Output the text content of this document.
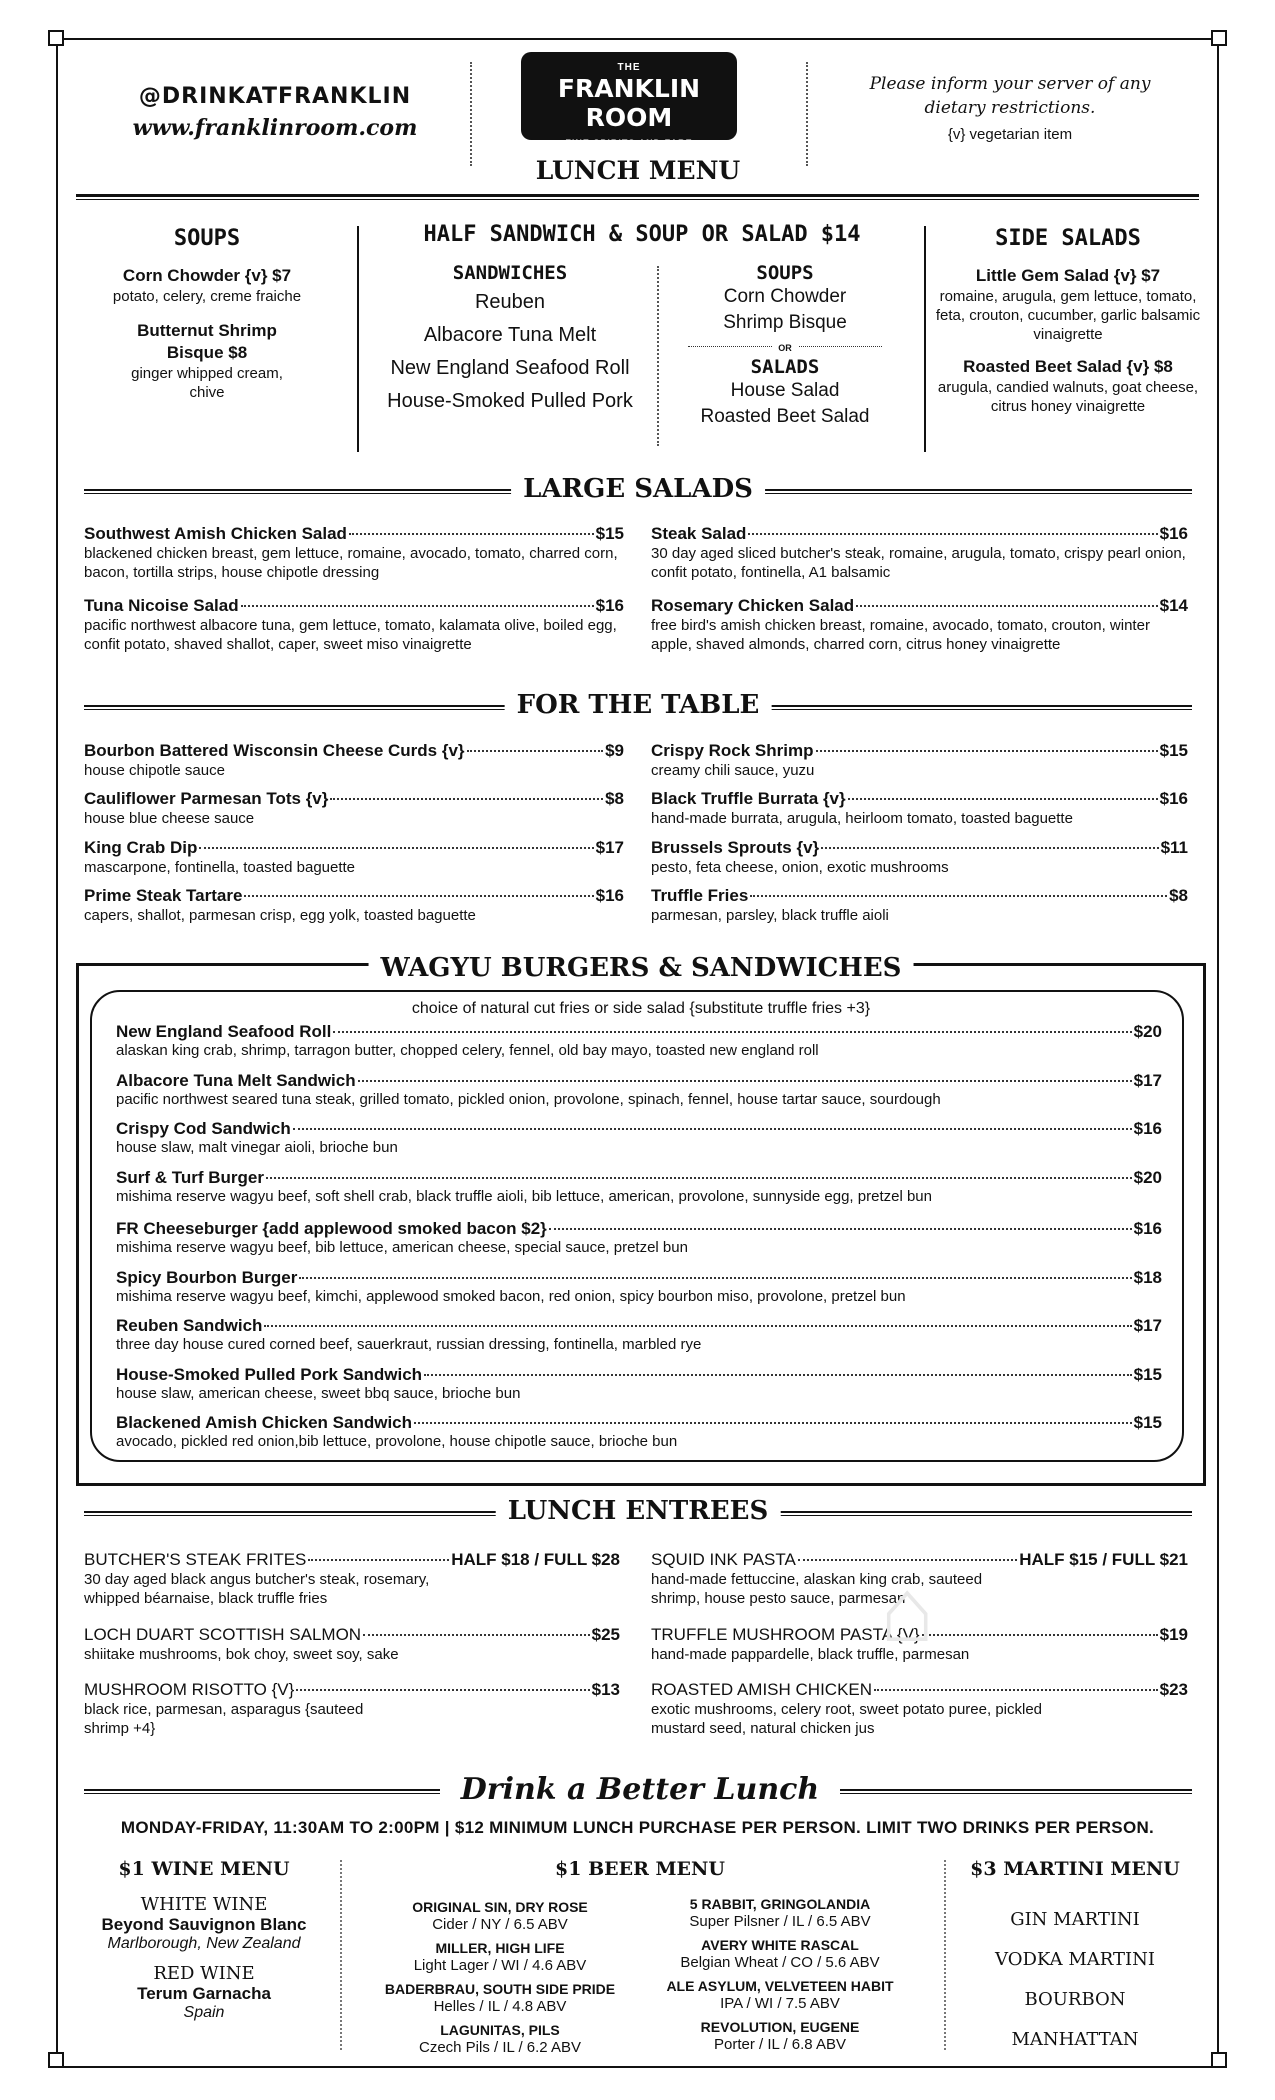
@DRINKATFRANKLIN
www.franklinroom.com
THE
FRANKLIN ROOM
– FINE SPIRITS AND FARE –
LUNCH MENU
Please inform your server of any dietary restrictions.
{v} vegetarian item
SOUPS
Corn Chowder {v} $7
potato, celery, creme fraiche
Butternut Shrimp Bisque $8
ginger whipped cream, chive
HALF SANDWICH & SOUP OR SALAD $14
SANDWICHES
Reuben
Albacore Tuna Melt
New England Seafood Roll
House-Smoked Pulled Pork
SOUPS
Corn Chowder
Shrimp Bisque
OR
SALADS
House Salad
Roasted Beet Salad
SIDE SALADS
Little Gem Salad {v} $7
romaine, arugula, gem lettuce, tomato, feta, crouton, cucumber, garlic balsamic vinaigrette
Roasted Beet Salad {v} $8
arugula, candied walnuts, goat cheese, citrus honey vinaigrette
LARGE SALADS
Southwest Amish Chicken Salad	$15
blackened chicken breast, gem lettuce, romaine, avocado, tomato, charred corn, bacon, tortilla strips, house chipotle dressing
Steak Salad	$16
30 day aged sliced butcher's steak, romaine, arugula, tomato, crispy pearl onion, confit potato, fontinella, A1 balsamic
Tuna Nicoise Salad	$16
pacific northwest albacore tuna, gem lettuce, tomato, kalamata olive, boiled egg, confit potato, shaved shallot, caper, sweet miso vinaigrette
Rosemary Chicken Salad	$14
free bird's amish chicken breast, romaine, avocado, tomato, crouton, winter apple, shaved almonds, charred corn, citrus honey vinaigrette
FOR THE TABLE
Bourbon Battered Wisconsin Cheese Curds {v}	$9
house chipotle sauce
Crispy Rock Shrimp	$15
creamy chili sauce, yuzu
Cauliflower Parmesan Tots {v}	$8
house blue cheese sauce
Black Truffle Burrata {v}	$16
hand-made burrata, arugula, heirloom tomato, toasted baguette
King Crab Dip	$17
mascarpone, fontinella, toasted baguette
Brussels Sprouts {v}	$11
pesto, feta cheese, onion, exotic mushrooms
Prime Steak Tartare	$16
capers, shallot, parmesan crisp, egg yolk, toasted baguette
Truffle Fries	$8
parmesan, parsley, black truffle aioli
WAGYU BURGERS & SANDWICHES
choice of natural cut fries or side salad {substitute truffle fries +3}
New England Seafood Roll	$20
alaskan king crab, shrimp, tarragon butter, chopped celery, fennel, old bay mayo, toasted new england roll
Albacore Tuna Melt Sandwich	$17
pacific northwest seared tuna steak, grilled tomato, pickled onion, provolone, spinach, fennel, house tartar sauce, sourdough
Crispy Cod Sandwich	$16
house slaw, malt vinegar aioli, brioche bun
Surf & Turf Burger	$20
mishima reserve wagyu beef, soft shell crab, black truffle aioli, bib lettuce, american, provolone, sunnyside egg, pretzel bun
FR Cheeseburger {add applewood smoked bacon $2}	$16
mishima reserve wagyu beef, bib lettuce, american cheese, special sauce, pretzel bun
Spicy Bourbon Burger	$18
mishima reserve wagyu beef, kimchi, applewood smoked bacon, red onion, spicy bourbon miso, provolone, pretzel bun
Reuben Sandwich	$17
three day house cured corned beef, sauerkraut, russian dressing, fontinella, marbled rye
House-Smoked Pulled Pork Sandwich	$15
house slaw, american cheese, sweet bbq sauce, brioche bun
Blackened Amish Chicken Sandwich	$15
avocado, pickled red onion,bib lettuce, provolone, house chipotle sauce, brioche bun
LUNCH ENTREES
BUTCHER'S STEAK FRITES	HALF $18 / FULL $28
30 day aged black angus butcher's steak, rosemary, whipped béarnaise, black truffle fries
SQUID INK PASTA	HALF $15 / FULL $21
hand-made fettuccine, alaskan king crab, sauteed shrimp, house pesto sauce, parmesan
LOCH DUART SCOTTISH SALMON	$25
shiitake mushrooms, bok choy, sweet soy, sake
TRUFFLE MUSHROOM PASTA {V}	$19
hand-made pappardelle, black truffle, parmesan
MUSHROOM RISOTTO {V}	$13
black rice, parmesan, asparagus {sauteed shrimp +4}
ROASTED AMISH CHICKEN	$23
exotic mushrooms, celery root, sweet potato puree, pickled mustard seed, natural chicken jus
⌂
Drink a Better Lunch
MONDAY-FRIDAY, 11:30AM TO 2:00PM | $12 MINIMUM LUNCH PURCHASE PER PERSON. LIMIT TWO DRINKS PER PERSON.
$1 WINE MENU
WHITE WINE
Beyond Sauvignon Blanc
Marlborough, New Zealand
RED WINE
Terum Garnacha
Spain
$1 BEER MENU
ORIGINAL SIN, DRY ROSE
Cider / NY / 6.5 ABV
5 RABBIT, GRINGOLANDIA
Super Pilsner / IL / 6.5 ABV
MILLER, HIGH LIFE
Light Lager / WI / 4.6 ABV
AVERY WHITE RASCAL
Belgian Wheat / CO / 5.6 ABV
BADERBRAU, SOUTH SIDE PRIDE
Helles / IL / 4.8 ABV
ALE ASYLUM, VELVETEEN HABIT
IPA / WI / 7.5 ABV
LAGUNITAS, PILS
Czech Pils / IL / 6.2 ABV
REVOLUTION, EUGENE
Porter / IL / 6.8 ABV
$3 MARTINI MENU
GIN MARTINI
VODKA MARTINI
BOURBON MANHATTAN
